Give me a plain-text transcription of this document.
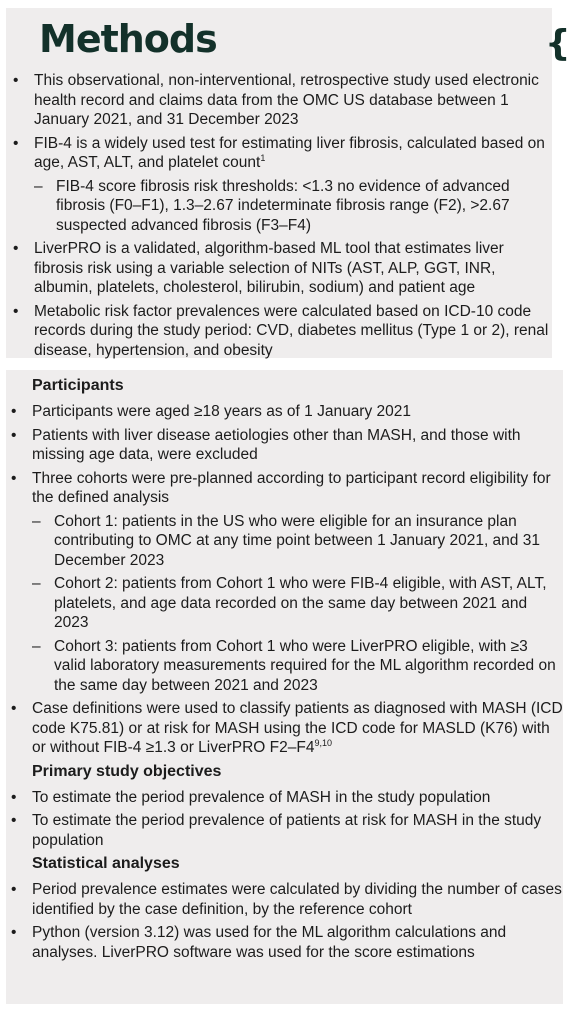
Methods	{
• This observational, non-interventional, retrospective study used electronic health record and claims data from the OMC US database between 1 January 2021, and 31 December 2023
• FIB-4 is a widely used test for estimating liver fibrosis, calculated based on age, AST, ALT, and platelet count$^1$
– FIB-4 score fibrosis risk thresholds: <1.3 no evidence of advanced fibrosis (F0–F1), 1.3–2.67 indeterminate fibrosis range (F2), >2.67 suspected advanced fibrosis (F3–F4)
• LiverPRO is a validated, algorithm-based ML tool that estimates liver fibrosis risk using a variable selection of NITs (AST, ALP, GGT, INR, albumin, platelets, cholesterol, bilirubin, sodium) and patient age
• Metabolic risk factor prevalences were calculated based on ICD-10 code records during the study period: CVD, diabetes mellitus (Type 1 or 2), renal disease, hypertension, and obesity
Participants
• Participants were aged ≥18 years as of 1 January 2021
• Patients with liver disease aetiologies other than MASH, and those with missing age data, were excluded
• Three cohorts were pre-planned according to participant record eligibility for the defined analysis
– Cohort 1: patients in the US who were eligible for an insurance plan contributing to OMC at any time point between 1 January 2021, and 31 December 2023
– Cohort 2: patients from Cohort 1 who were FIB-4 eligible, with AST, ALT, platelets, and age data recorded on the same day between 2021 and 2023
– Cohort 3: patients from Cohort 1 who were LiverPRO eligible, with ≥3 valid laboratory measurements required for the ML algorithm recorded on the same day between 2021 and 2023
• Case definitions were used to classify patients as diagnosed with MASH (ICD code K75.81) or at risk for MASH using the ICD code for MASLD (K76) with or without FIB-4 ≥1.3 or LiverPRO F2–F4$^{9,10}$
Primary study objectives
• To estimate the period prevalence of MASH in the study population
• To estimate the period prevalence of patients at risk for MASH in the study population
Statistical analyses
• Period prevalence estimates were calculated by dividing the number of cases identified by the case definition, by the reference cohort
• Python (version 3.12) was used for the ML algorithm calculations and analyses. LiverPRO software was used for the score estimations
